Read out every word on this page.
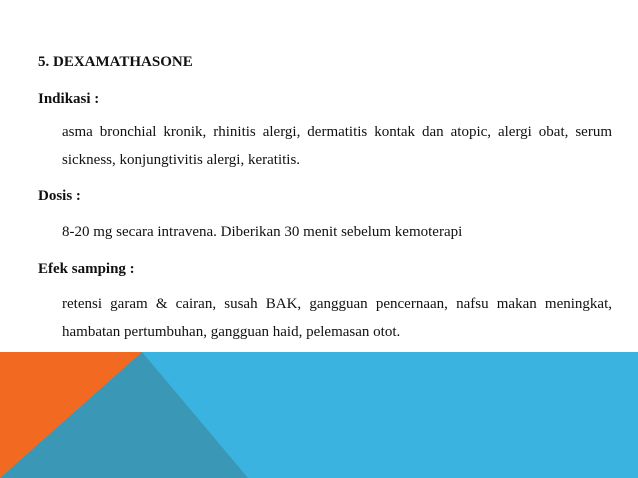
5. DEXAMATHASONE
Indikasi :
asma bronchial kronik, rhinitis alergi, dermatitis kontak dan atopic, alergi obat, serum
sickness, konjungtivitis alergi, keratitis.
Dosis :
8-20 mg secara intravena. Diberikan 30 menit sebelum kemoterapi
Efek samping :
retensi garam & cairan, susah BAK, gangguan pencernaan, nafsu makan meningkat,
hambatan pertumbuhan, gangguan haid, pelemasan otot.
